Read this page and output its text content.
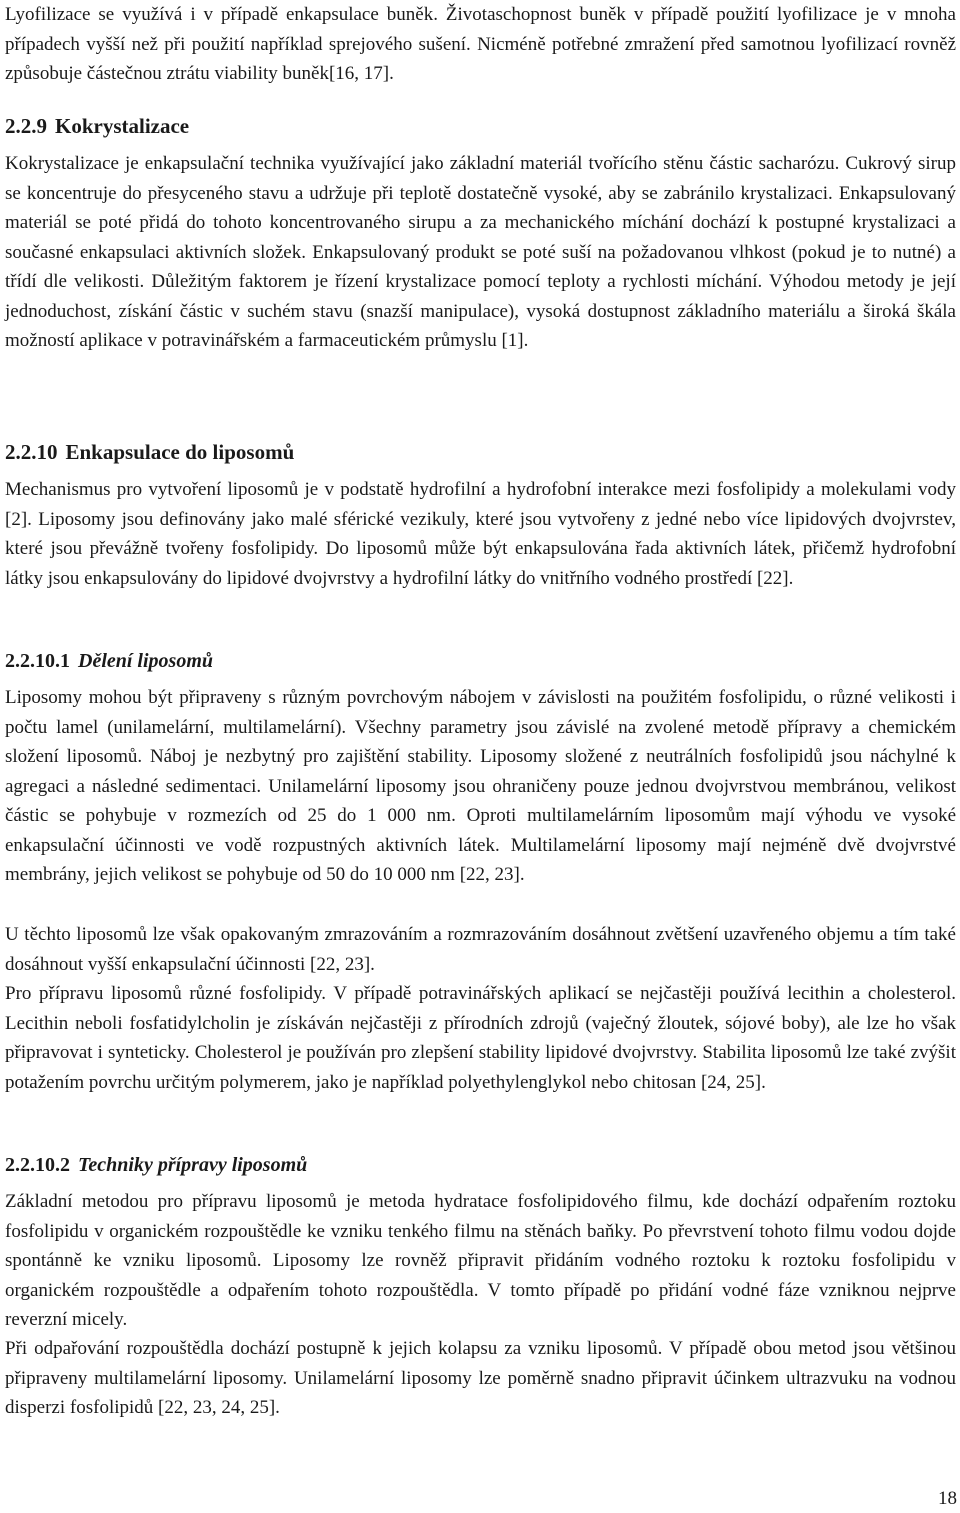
Lyofilizace se využívá i v případě enkapsulace buněk. Životaschopnost buněk v případě použití lyofilizace je v mnoha případech vyšší než při použití například sprejového sušení. Nicméně potřebné zmražení před samotnou lyofilizací rovněž způsobuje částečnou ztrátu viability buněk[16, 17].

2.2.9 Kokrystalizace

Kokrystalizace je enkapsulační technika využívající jako základní materiál tvořícího stěnu částic sacharózu. Cukrový sirup se koncentruje do přesyceného stavu a udržuje při teplotě dostatečně vysoké, aby se zabránilo krystalizaci. Enkapsulovaný materiál se poté přidá do tohoto koncentrovaného sirupu a za mechanického míchání dochází k postupné krystalizaci a současné enkapsulaci aktivních složek. Enkapsulovaný produkt se poté suší na požadovanou vlhkost (pokud je to nutné) a třídí dle velikosti. Důležitým faktorem je řízení krystalizace pomocí teploty a rychlosti míchání. Výhodou metody je její jednoduchost, získání částic v suchém stavu (snazší manipulace), vysoká dostupnost základního materiálu a široká škála možností aplikace v potravinářském a farmaceutickém průmyslu [1].

2.2.10 Enkapsulace do liposomů

Mechanismus pro vytvoření liposomů je v podstatě hydrofilní a hydrofobní interakce mezi fosfolipidy a molekulami vody [2]. Liposomy jsou definovány jako malé sférické vezikuly, které jsou vytvořeny z jedné nebo více lipidových dvojvrstev, které jsou převážně tvořeny fosfolipidy. Do liposomů může být enkapsulována řada aktivních látek, přičemž hydrofobní látky jsou enkapsulovány do lipidové dvojvrstvy a hydrofilní látky do vnitřního vodného prostředí [22].

2.2.10.1 Dělení liposomů

Liposomy mohou být připraveny s různým povrchovým nábojem v závislosti na použitém fosfolipidu, o různé velikosti i počtu lamel (unilamelární, multilamelární). Všechny parametry jsou závislé na zvolené metodě přípravy a chemickém složení liposomů. Náboj je nezbytný pro zajištění stability. Liposomy složené z neutrálních fosfolipidů jsou náchylné k agregaci a následné sedimentaci. Unilamelární liposomy jsou ohraničeny pouze jednou dvojvrstvou membránou, velikost částic se pohybuje v rozmezích od 25 do 1 000 nm. Oproti multilamelárním liposomům mají výhodu ve vysoké enkapsulační účinnosti ve vodě rozpustných aktivních látek. Multilamelární liposomy mají nejméně dvě dvojvrstvé membrány, jejich velikost se pohybuje od 50 do 10 000 nm [22, 23].

U těchto liposomů lze však opakovaným zmrazováním a rozmrazováním dosáhnout zvětšení uzavřeného objemu a tím také dosáhnout vyšší enkapsulační účinnosti [22, 23].

Pro přípravu liposomů různé fosfolipidy. V případě potravinářských aplikací se nejčastěji používá lecithin a cholesterol. Lecithin neboli fosfatidylcholin je získáván nejčastěji z přírodních zdrojů (vaječný žloutek, sójové boby), ale lze ho však připravovat i synteticky. Cholesterol je používán pro zlepšení stability lipidové dvojvrstvy. Stabilita liposomů lze také zvýšit potažením povrchu určitým polymerem, jako je například polyethylenglykol nebo chitosan [24, 25].

2.2.10.2 Techniky přípravy liposomů

Základní metodou pro přípravu liposomů je metoda hydratace fosfolipidového filmu, kde dochází odpařením roztoku fosfolipidu v organickém rozpouštědle ke vzniku tenkého filmu na stěnách baňky. Po převrstvení tohoto filmu vodou dojde spontánně ke vzniku liposomů. Liposomy lze rovněž připravit přidáním vodného roztoku k roztoku fosfolipidu v organickém rozpouštědle a odpařením tohoto rozpouštědla. V tomto případě po přidání vodné fáze vzniknou nejprve reverzní micely.

Při odpařování rozpouštědla dochází postupně k jejich kolapsu za vzniku liposomů. V případě obou metod jsou většinou připraveny multilamelární liposomy. Unilamelární liposomy lze poměrně snadno připravit účinkem ultrazvuku na vodnou disperzi fosfolipidů [22, 23, 24, 25].

18
